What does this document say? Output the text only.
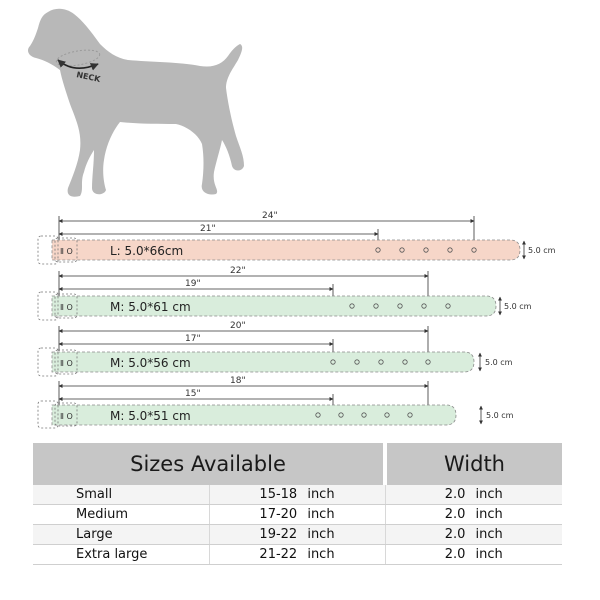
NECK
24"
21"
Ⅱ O	L: 5.0*66cm	5.0 cm
22"
19"
Ⅱ O	M: 5.0*61 cm	5.0 cm
20"
17"
Ⅱ O	M: 5.0*56 cm	5.0 cm
18"
15"
Ⅱ O	M: 5.0*51 cm	5.0 cm
Sizes Available		Width
Small	15-18 inch	2.0 inch
Medium	17-20 inch	2.0 inch
Large	19-22 inch	2.0 inch
Extra large	21-22 inch	2.0 inch
